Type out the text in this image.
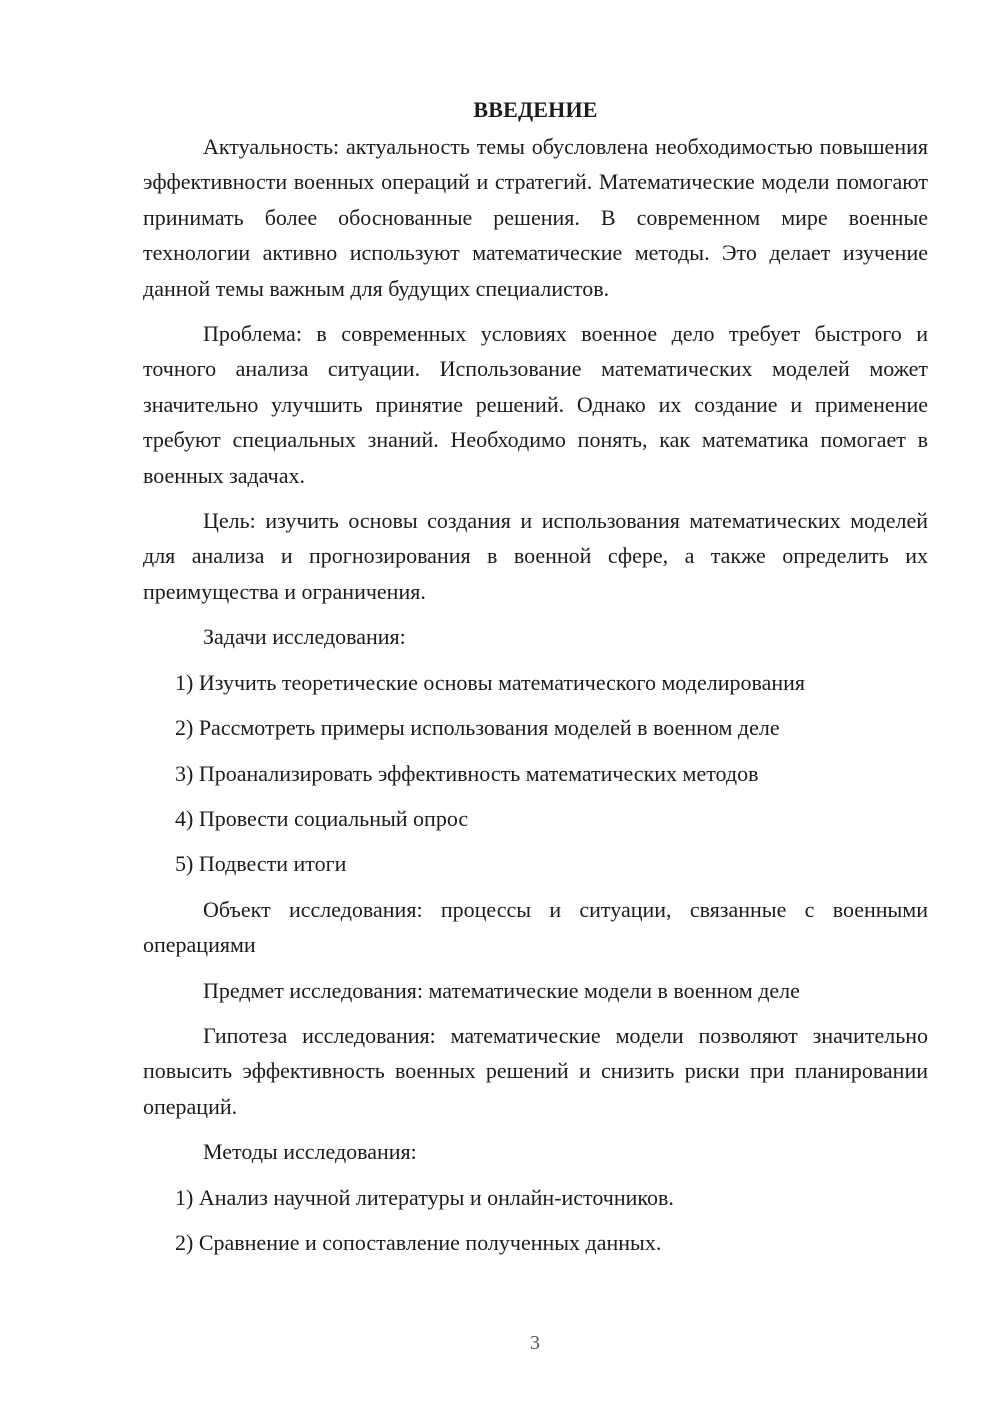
ВВЕДЕНИЕ

Актуальность: актуальность темы обусловлена необходимостью повышения эффективности военных операций и стратегий. Математические модели помогают принимать более обоснованные решения. В современном мире военные технологии активно используют математические методы. Это делает изучение данной темы важным для будущих специалистов.

Проблема: в современных условиях военное дело требует быстрого и точного анализа ситуации. Использование математических моделей может значительно улучшить принятие решений. Однако их создание и применение требуют специальных знаний. Необходимо понять, как математика помогает в военных задачах.

Цель: изучить основы создания и использования математических моделей для анализа и прогнозирования в военной сфере, а также определить их преимущества и ограничения.

Задачи исследования:
1) Изучить теоретические основы математического моделирования
2) Рассмотреть примеры использования моделей в военном деле
3) Проанализировать эффективность математических методов
4) Провести социальный опрос
5) Подвести итоги

Объект исследования: процессы и ситуации, связанные с военными операциями

Предмет исследования: математические модели в военном деле

Гипотеза исследования: математические модели позволяют значительно повысить эффективность военных решений и снизить риски при планировании операций.

Методы исследования:
1) Анализ научной литературы и онлайн-источников.
2) Сравнение и сопоставление полученных данных.
3
